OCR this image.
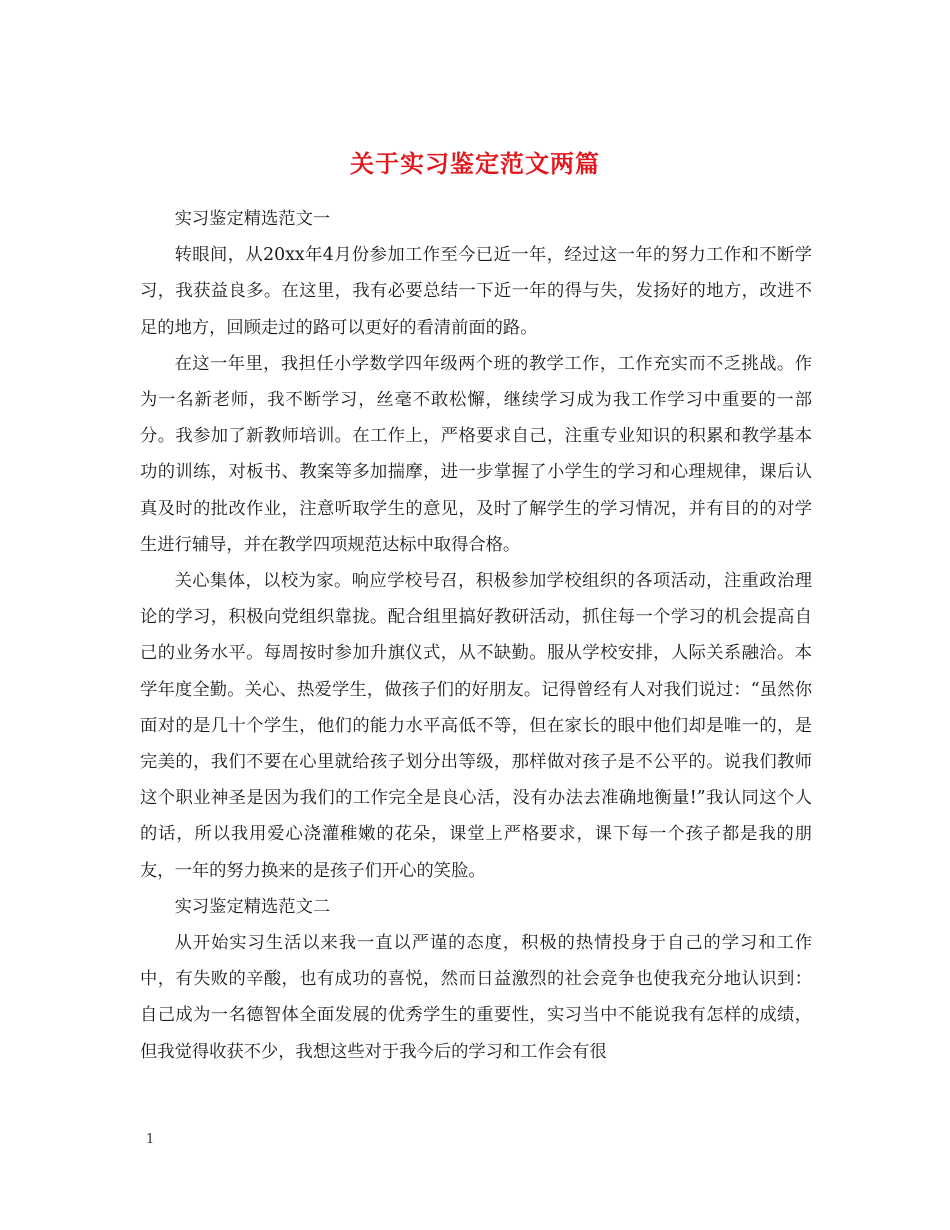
关于实习鉴定范文两篇

实习鉴定精选范文一

转眼间，从20xx年4月份参加工作至今已近一年，经过这一年的努力工作和不断学习，我获益良多。在这里，我有必要总结一下近一年的得与失，发扬好的地方，改进不足的地方，回顾走过的路可以更好的看清前面的路。

在这一年里，我担任小学数学四年级两个班的教学工作，工作充实而不乏挑战。作为一名新老师，我不断学习，丝毫不敢松懈，继续学习成为我工作学习中重要的一部分。我参加了新教师培训。在工作上，严格要求自己，注重专业知识的积累和教学基本功的训练，对板书、教案等多加揣摩，进一步掌握了小学生的学习和心理规律，课后认真及时的批改作业，注意听取学生的意见，及时了解学生的学习情况，并有目的的对学生进行辅导，并在教学四项规范达标中取得合格。

关心集体，以校为家。响应学校号召，积极参加学校组织的各项活动，注重政治理论的学习，积极向党组织靠拢。配合组里搞好教研活动，抓住每一个学习的机会提高自己的业务水平。每周按时参加升旗仪式，从不缺勤。服从学校安排，人际关系融洽。本学年度全勤。关心、热爱学生，做孩子们的好朋友。记得曾经有人对我们说过：“虽然你面对的是几十个学生，他们的能力水平高低不等，但在家长的眼中他们却是唯一的，是完美的，我们不要在心里就给孩子划分出等级，那样做对孩子是不公平的。说我们教师这个职业神圣是因为我们的工作完全是良心活，没有办法去准确地衡量!”我认同这个人的话，所以我用爱心浇灌稚嫩的花朵，课堂上严格要求，课下每一个孩子都是我的朋友，一年的努力换来的是孩子们开心的笑脸。

实习鉴定精选范文二

从开始实习生活以来我一直以严谨的态度，积极的热情投身于自己的学习和工作中，有失败的辛酸，也有成功的喜悦，然而日益激烈的社会竞争也使我充分地认识到：自己成为一名德智体全面发展的优秀学生的重要性，实习当中不能说我有怎样的成绩，但我觉得收获不少，我想这些对于我今后的学习和工作会有很

1
